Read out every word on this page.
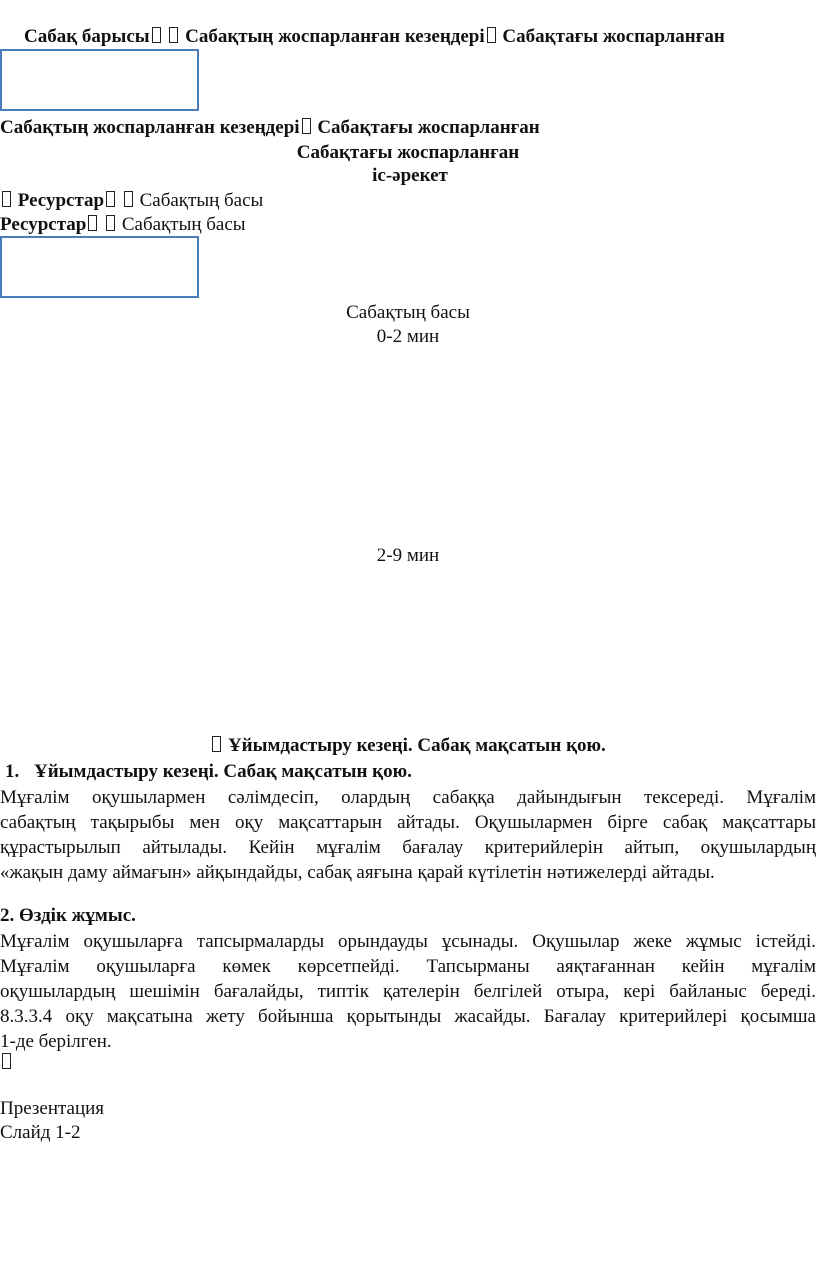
Сабақ барысы Сабақтың жоспарланған кезеңдері Сабақтағы жоспарланған
Сабақтың жоспарланған кезеңдері Сабақтағы жоспарланған
Сабақтағы жоспарланған
іс-әрекет
Ресурстар Сабақтың басы
Ресурстар Сабақтың басы
Сабақтың басы
0-2 мин
2-9 мин
Ұйымдастыру кезеңі. Сабақ мақсатын қою.
1. Ұйымдастыру кезеңі. Сабақ мақсатын қою.
Мұғалім оқушылармен сәлімдесіп, олардың сабаққа дайындығын тексереді. Мұғалім
сабақтың тақырыбы мен оқу мақсаттарын айтады. Оқушылармен бірге сабақ мақсаттары
құрастырылып айтылады. Кейін мұғалім бағалау критерийлерін айтып, оқушылардың
«жақын даму аймағын» айқындайды, сабақ аяғына қарай күтілетін нәтижелерді айтады.
2. Өздік жұмыс.
Мұғалім оқушыларға тапсырмаларды орындауды ұсынады. Оқушылар жеке жұмыс істейді.
Мұғалім оқушыларға көмек көрсетпейді. Тапсырманы аяқтағаннан кейін мұғалім
оқушылардың шешімін бағалайды, типтік қателерін белгілей отыра, кері байланыс береді.
8.3.3.4 оқу мақсатына жету бойынша қорытынды жасайды. Бағалау критерийлері қосымша
1-де берілген.
Презентация
Слайд 1-2
